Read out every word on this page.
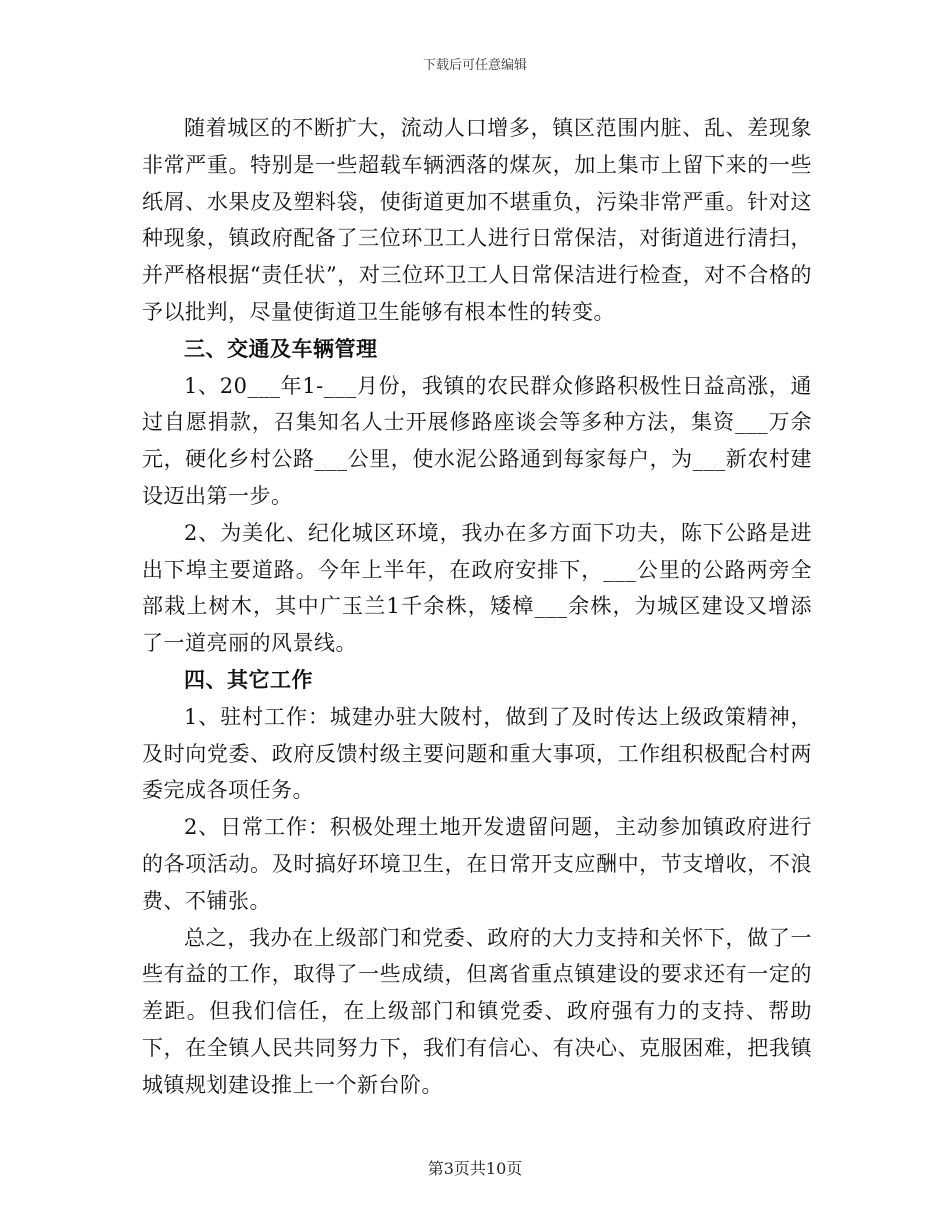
下载后可任意编辑

随着城区的不断扩大，流动人口增多，镇区范围内脏、乱、差现象非常严重。特别是一些超载车辆洒落的煤灰，加上集市上留下来的一些纸屑、水果皮及塑料袋，使街道更加不堪重负，污染非常严重。针对这种现象，镇政府配备了三位环卫工人进行日常保洁，对街道进行清扫，并严格根据“责任状”，对三位环卫工人日常保洁进行检查，对不合格的予以批判，尽量使街道卫生能够有根本性的转变。

三、交通及车辆管理

1、20___年1-___月份，我镇的农民群众修路积极性日益高涨，通过自愿捐款，召集知名人士开展修路座谈会等多种方法，集资___万余元，硬化乡村公路___公里，使水泥公路通到每家每户，为___新农村建设迈出第一步。

2、为美化、纪化城区环境，我办在多方面下功夫，陈下公路是进出下埠主要道路。今年上半年，在政府安排下，___公里的公路两旁全部栽上树木，其中广玉兰1千余株，矮樟___余株，为城区建设又增添了一道亮丽的风景线。

四、其它工作

1、驻村工作：城建办驻大陂村，做到了及时传达上级政策精神，及时向党委、政府反馈村级主要问题和重大事项，工作组积极配合村两委完成各项任务。

2、日常工作：积极处理土地开发遗留问题，主动参加镇政府进行的各项活动。及时搞好环境卫生，在日常开支应酬中，节支增收，不浪费、不铺张。

总之，我办在上级部门和党委、政府的大力支持和关怀下，做了一些有益的工作，取得了一些成绩，但离省重点镇建设的要求还有一定的差距。但我们信任，在上级部门和镇党委、政府强有力的支持、帮助下，在全镇人民共同努力下，我们有信心、有决心、克服困难，把我镇城镇规划建设推上一个新台阶。

第3页共10页
